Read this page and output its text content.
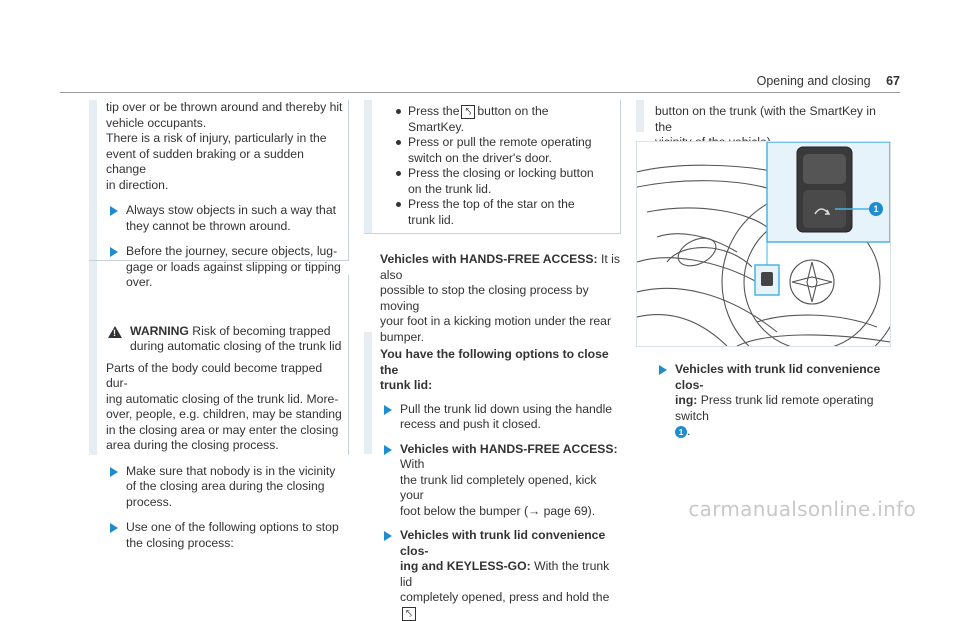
Opening and closing 67

tip over or be thrown around and thereby hit

vehicle occupants.

There is a risk of injury, particularly in the

event of sudden braking or a sudden change

in direction.

Always stow objects in such a way that

they cannot be thrown around.

Before the journey, secure objects, lug-

gage or loads against slipping or tipping

over.

! WARNING Risk of becoming trapped

during automatic closing of the trunk lid

Parts of the body could become trapped dur-

ing automatic closing of the trunk lid. More-

over, people, e.g. children, may be standing

in the closing area or may enter the closing

area during the closing process.

Make sure that nobody is in the vicinity

of the closing area during the closing

process.

Use one of the following options to stop

the closing process:

Press the ⤣ button on the

SmartKey.

Press or pull the remote operating

switch on the driver's door.

Press the closing or locking button

on the trunk lid.

Press the top of the star on the

trunk lid.

Vehicles with HANDS-FREE ACCESS: It is also

possible to stop the closing process by moving

your foot in a kicking motion under the rear

bumper.

You have the following options to close the

trunk lid:

Pull the trunk lid down using the handle

recess and push it closed.

Vehicles with HANDS-FREE ACCESS: With

the trunk lid completely opened, kick your

foot below the bumper (→ page 69).

Vehicles with trunk lid convenience clos-

ing and KEYLESS-GO: With the trunk lid

completely opened, press and hold the⤣

button on the trunk (with the SmartKey in the

1

Vehicles with trunk lid convenience clos-

ing: Press trunk lid remote operating switch

1 .

carmanualsonline.info
